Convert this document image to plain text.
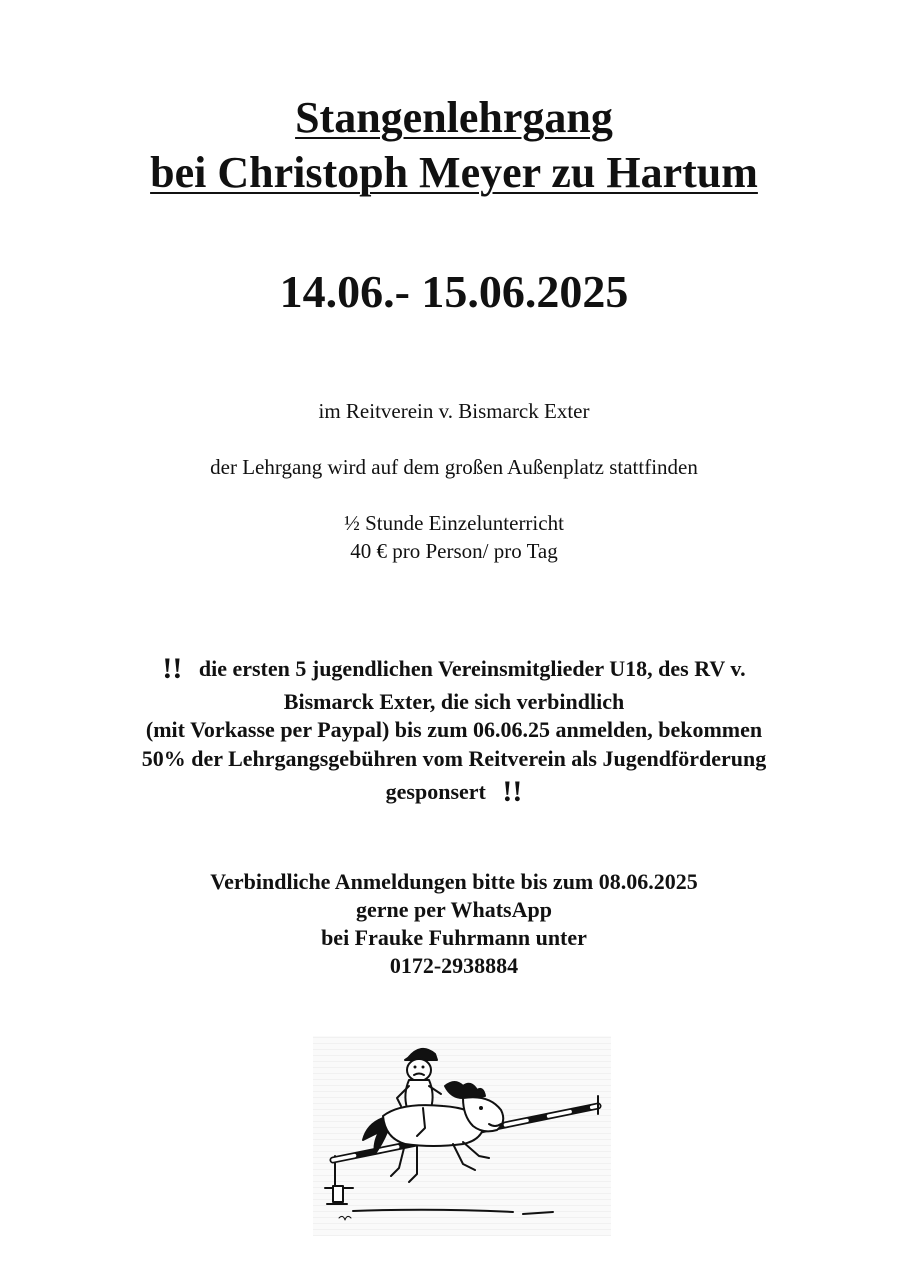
Stangenlehrgang
bei Christoph Meyer zu Hartum
14.06.- 15.06.2025
im Reitverein v. Bismarck Exter
der Lehrgang wird auf dem großen Außenplatz stattfinden
½ Stunde Einzelunterricht
40 € pro Person/ pro Tag
!! die ersten 5 jugendlichen Vereinsmitglieder U18, des RV v.
Bismarck Exter, die sich verbindlich
(mit Vorkasse per Paypal) bis zum 06.06.25 anmelden, bekommen
50% der Lehrgangsgebühren vom Reitverein als Jugendförderung
gesponsert !!
Verbindliche Anmeldungen bitte bis zum 08.06.2025
gerne per WhatsApp
bei Frauke Fuhrmann unter
0172-2938884
